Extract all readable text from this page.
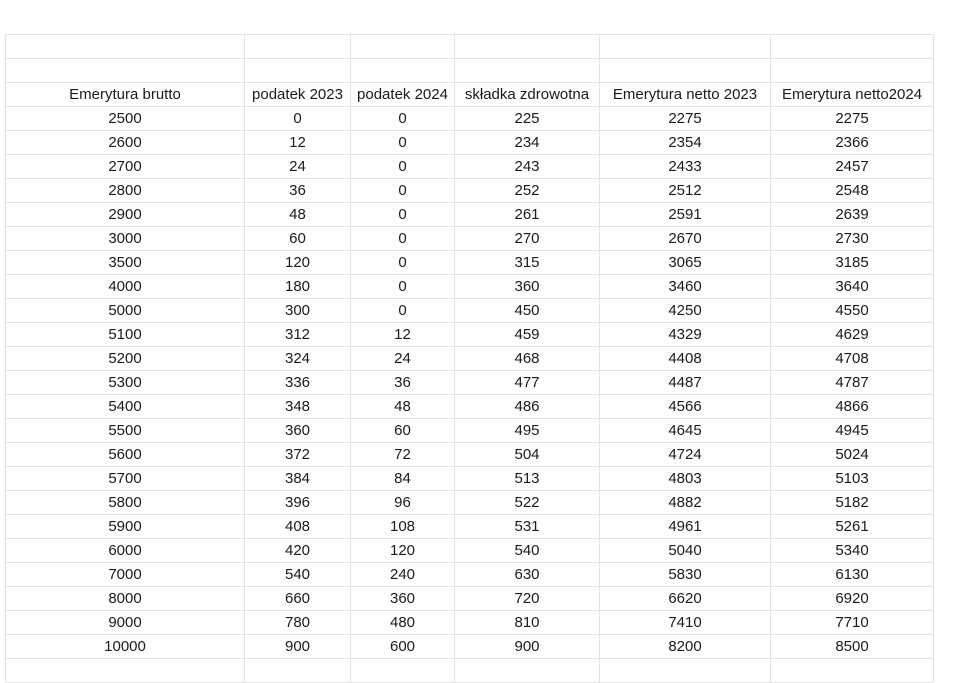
Emerytura brutto	podatek 2023	podatek 2024	składka zdrowotna	Emerytura netto 2023	Emerytura netto2024
2500	0	0	225	2275	2275
2600	12	0	234	2354	2366
2700	24	0	243	2433	2457
2800	36	0	252	2512	2548
2900	48	0	261	2591	2639
3000	60	0	270	2670	2730
3500	120	0	315	3065	3185
4000	180	0	360	3460	3640
5000	300	0	450	4250	4550
5100	312	12	459	4329	4629
5200	324	24	468	4408	4708
5300	336	36	477	4487	4787
5400	348	48	486	4566	4866
5500	360	60	495	4645	4945
5600	372	72	504	4724	5024
5700	384	84	513	4803	5103
5800	396	96	522	4882	5182
5900	408	108	531	4961	5261
6000	420	120	540	5040	5340
7000	540	240	630	5830	6130
8000	660	360	720	6620	6920
9000	780	480	810	7410	7710
10000	900	600	900	8200	8500
